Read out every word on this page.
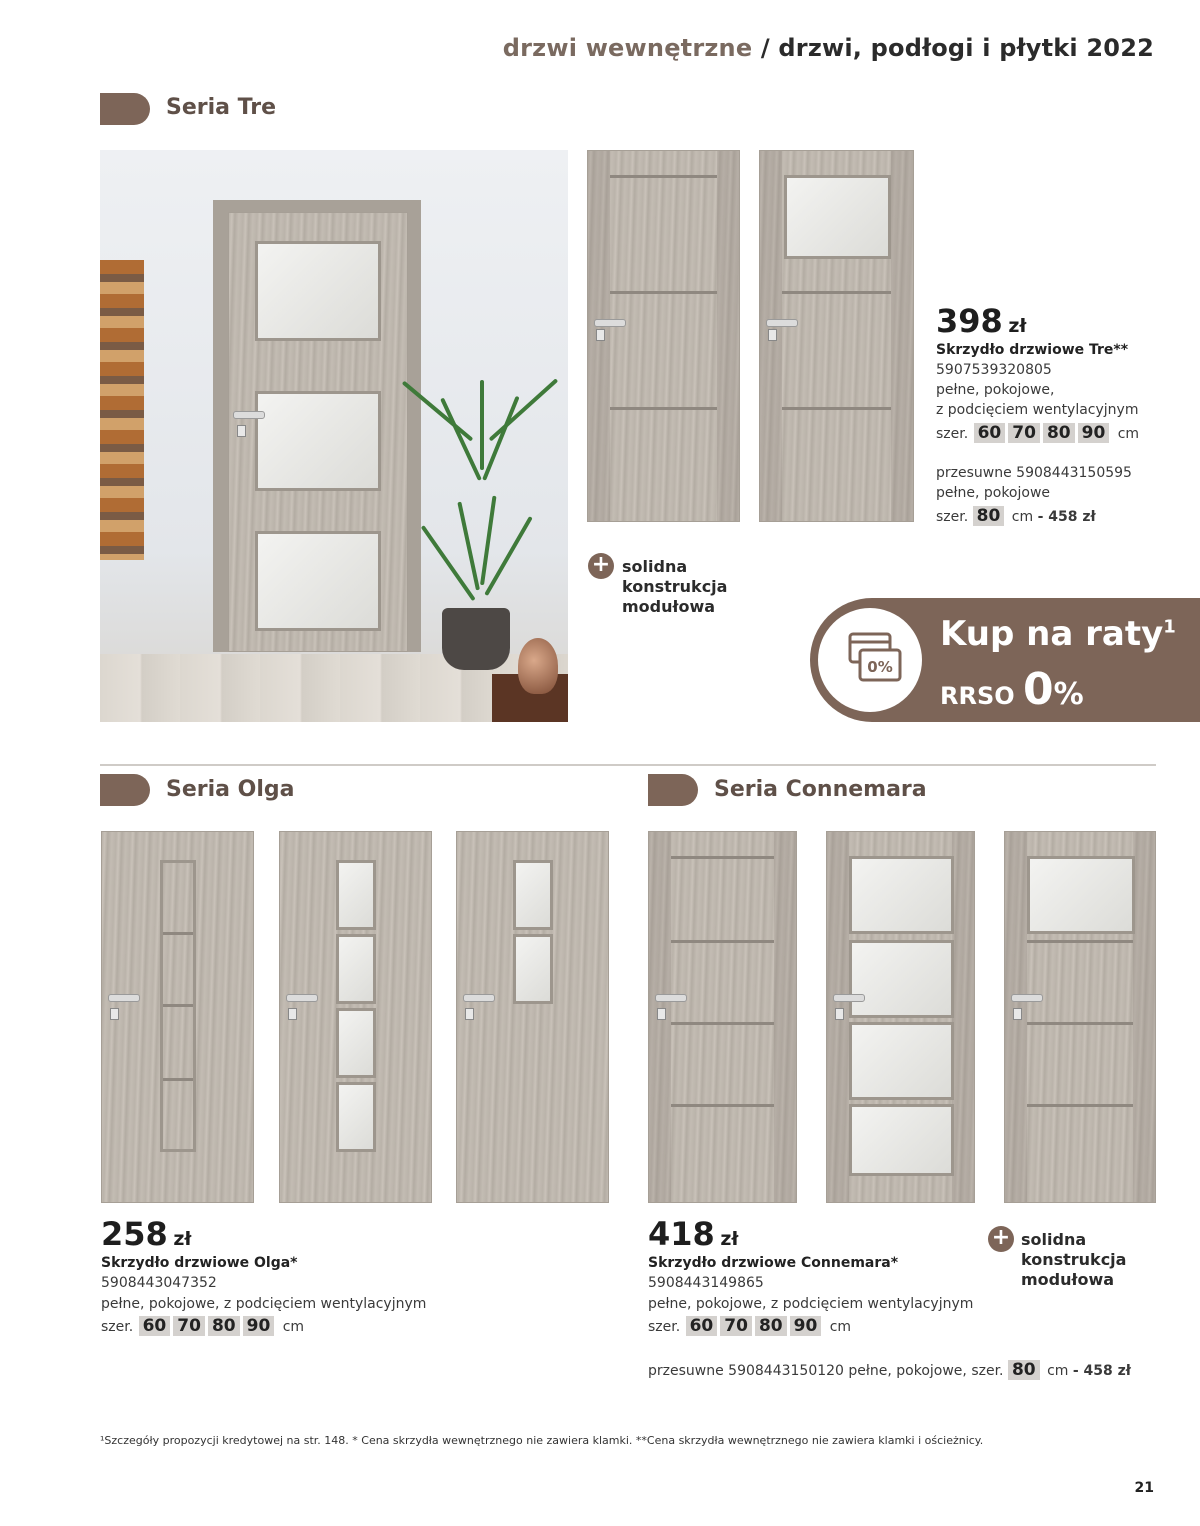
drzwi wewnętrzne / drzwi, podłogi i płytki 2022
Seria Tre
398 zł
Skrzydło drzwiowe Tre**
5907539320805
pełne, pokojowe,
z podcięciem wentylacyjnym
szer. 60 70 80 90 cm
przesuwne 5908443150595
pełne, pokojowe
szer. 80 cm - 458 zł
+ solidna
konstrukcja
modułowa
0%
Kup na raty$^1$
RRSO 0%
Seria Olga	Seria Connemara
258 zł
Skrzydło drzwiowe Olga*
5908443047352
pełne, pokojowe, z podcięciem wentylacyjnym
szer. 60 70 80 90 cm
418 zł
Skrzydło drzwiowe Connemara*
5908443149865
pełne, pokojowe, z podcięciem wentylacyjnym
szer. 60 70 80 90 cm
przesuwne 5908443150120 pełne, pokojowe, szer. 80 cm - 458 zł
+ solidna
konstrukcja
modułowa
¹Szczegóły propozycji kredytowej na str. 148. * Cena skrzydła wewnętrznego nie zawiera klamki. **Cena skrzydła wewnętrznego nie zawiera klamki i ościeżnicy.
21
